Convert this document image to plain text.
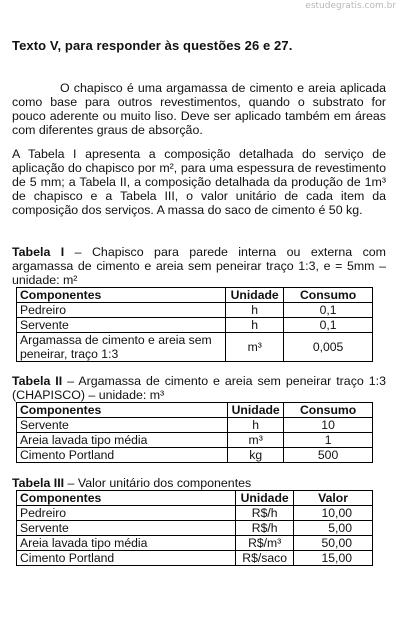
estudegratis.com.br

Texto V, para responder às questões 26 e 27.

O chapisco é uma argamassa de cimento e areia aplicada como base para outros revestimentos, quando o substrato for pouco aderente ou muito liso. Deve ser aplicado também em áreas com diferentes graus de absorção.

A Tabela I apresenta a composição detalhada do serviço de aplicação do chapisco por m², para uma espessura de revestimento de 5 mm; a Tabela II, a composição detalhada da produção de 1m³ de chapisco e a Tabela III, o valor unitário de cada item da composição dos serviços. A massa do saco de cimento é 50 kg.

Tabela I – Chapisco para parede interna ou externa com argamassa de cimento e areia sem peneirar traço 1:3, e = 5mm – unidade: m²

Componentes	Unidade	Consumo
Pedreiro	h	0,1
Servente	h	0,1
Argamassa de cimento e areia sem peneirar, traço 1:3	m³	0,005

Tabela II – Argamassa de cimento e areia sem peneirar traço 1:3 (CHAPISCO) – unidade: m³

Componentes	Unidade	Consumo
Servente	h	10
Areia lavada tipo média	m³	1
Cimento Portland	kg	500

Tabela III – Valor unitário dos componentes

Componentes	Unidade	Valor
Pedreiro	R$/h	10,00
Servente	R$/h	5,00
Areia lavada tipo média	R$/m³	50,00
Cimento Portland	R$/saco	15,00
